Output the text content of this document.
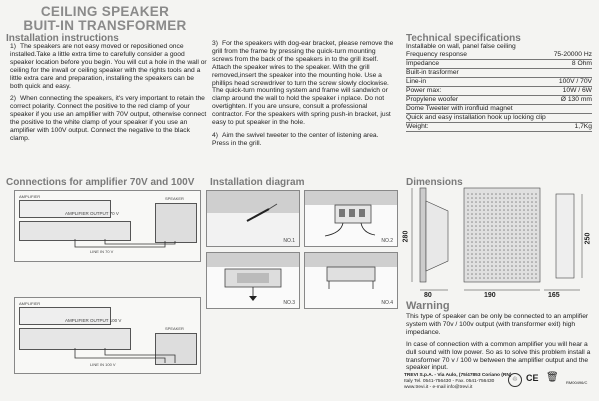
CEILING SPEAKER
BUIT-IN TRANSFORMER
Installation instructions

1) The speakers are not easy moved or repositioned once installed.Take a little extra time to carefully consider a good speaker location before you begin. You will cut a hole in the wall or ceiling for the inwall or ceiling speaker with the rights tools and a little extra care and preparation, installing the speakers can be both quick and easy.

2) When connecting the speakers, it's very important to retain the correct polarity. Connect the positive to the red clamp of your speaker if you use an amplifier with 70V output, otherwise connect the positive to the white clamp of your speaker if you use an amplifier with 100V output. Connect the negative to the black clamp.

3) For the speakers with dog-ear bracket, please remove the grill from the frame by pressing the quick-turn mounting screws from the back of the speakers in to the grill itself. Attach the speaker wires to the speaker. With the grill removed,insert the speaker into the mounting hole. Use a phillips head screwdriver to turn the screw slowly clockwise. The quick-turn mounting system and frame will sandwich or clamp around the wall to hold the speaker i nplace. Do not overtighten. If you are unsure, consult a professional contractor. For the speakers with spring push-in bracket, just easy to put speaker in the hole.

4) Aim the swivel tweeter to the center of listening area. Press in the grill.

Technical specifications
Installable on wall, panel false ceiling
Frequency response	75-20000 Hz
Impedance	8 Ohm
Built-in trasformer
Line-in	100V / 70V
Power max:	10W / 6W
Propylene woofer	Ø 130 mm
Dome Tweeter with ironfluid magnet
Quick and easy installation hook up locking clip
Weight:	1,7Kg
Connections for amplifier 70V and 100V
AMPLIFIER
AMPLIFIER OUTPUT 70 V
SPEAKER
LINE IN 70 V
AMPLIFIER
AMPLIFIER OUTPUT 100 V
SPEAKER
LINE IN 100 V
Installation diagram
NO.1	NO.2
NO.3	NO.4
Dimensions
280	250
80	190	165
Warning

This type of speaker can be only be connected to an amplifier system with 70v / 100v output (with transformer exit) high impedance.

In case of connection with a common amplifier you will hear a dull sound with low power. So as to solve this problem install a transformer 70 v / 100 w between the amplifier output and the speaker input.

TREVI S.p.A. - Via Aulo, (75/47853 Coriano (RN)
Italy Tel. 0541-756430 - Fax. 0541-756430
www.trevi.it - e-mail info@trevi.it
♲ CE 🗑 RM00496/C
